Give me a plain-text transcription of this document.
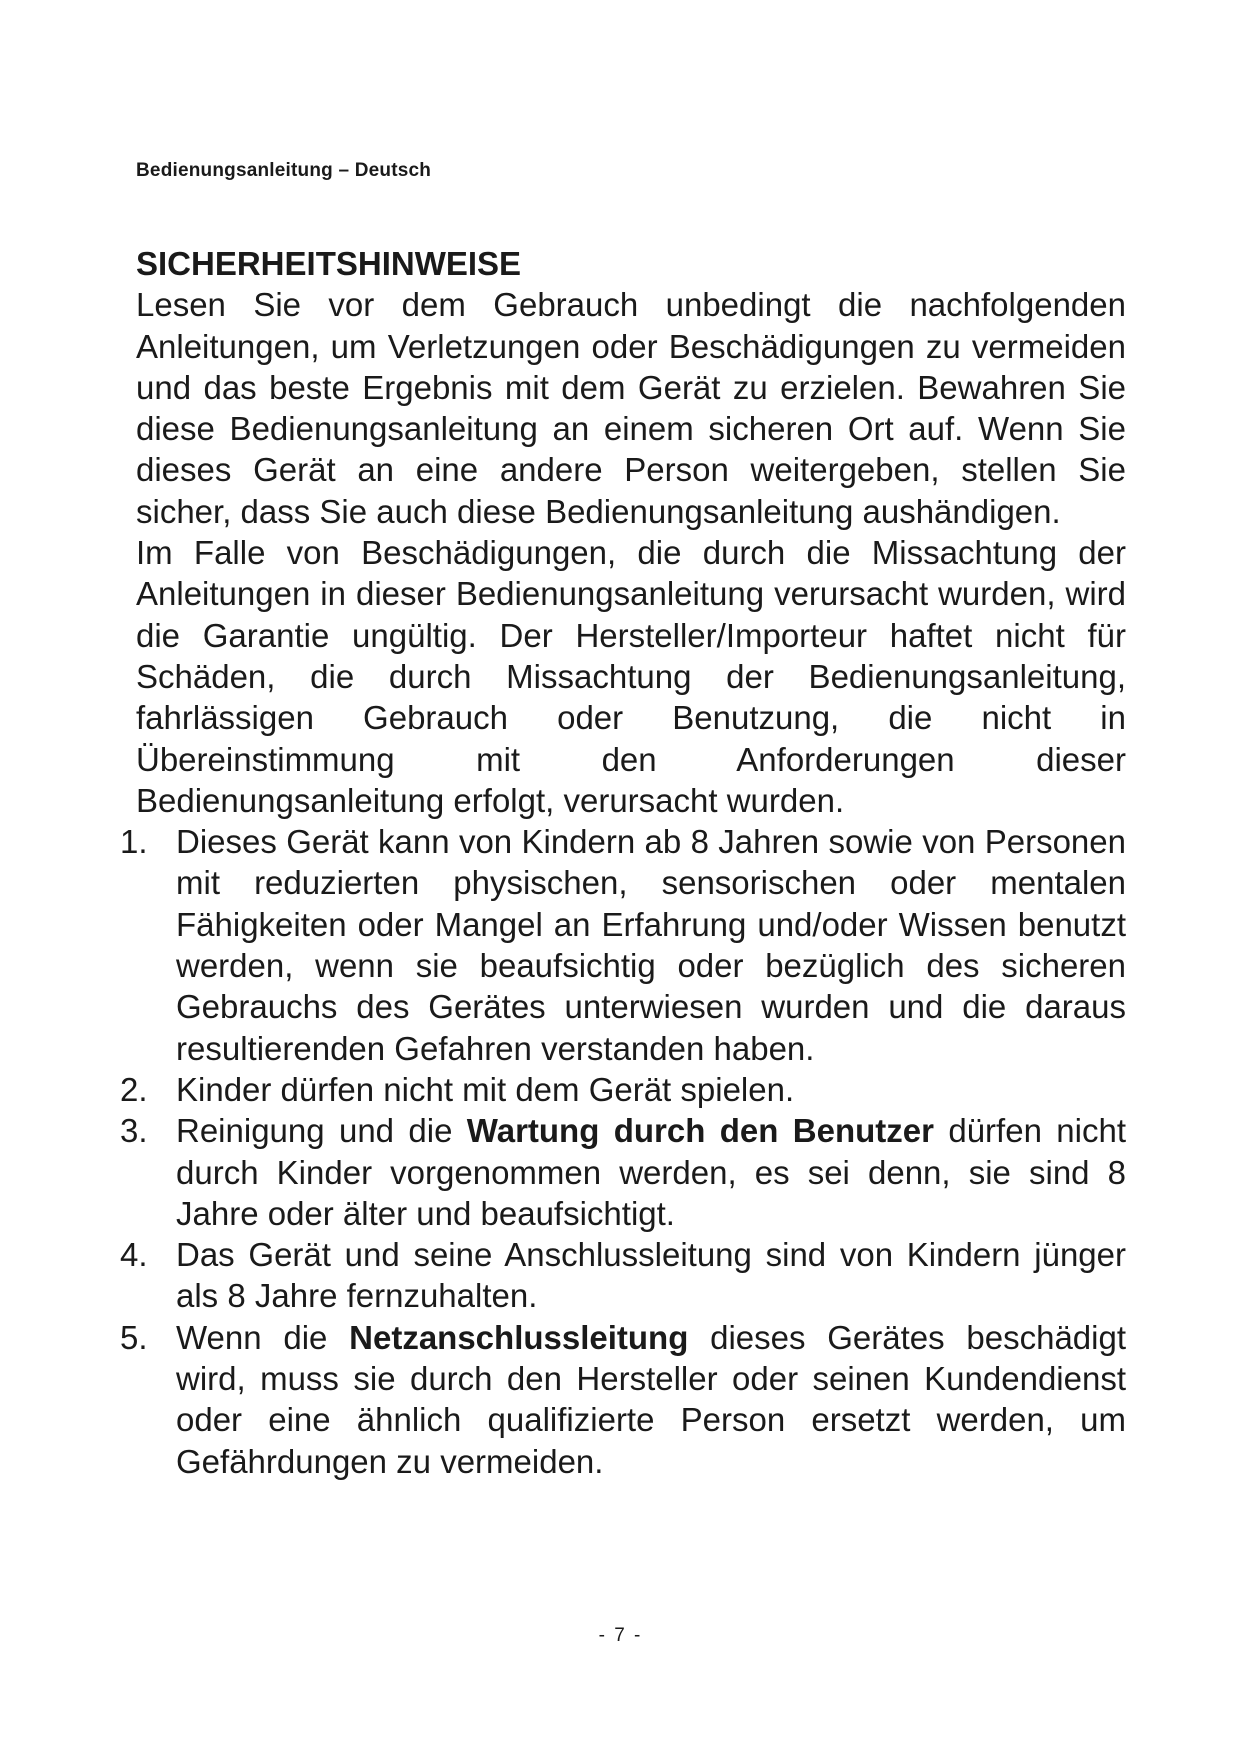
Bedienungsanleitung – Deutsch
SICHERHEITSHINWEISE

Lesen Sie vor dem Gebrauch unbedingt die nachfolgenden Anleitungen, um Verletzungen oder Beschädigungen zu vermeiden und das beste Ergebnis mit dem Gerät zu erzielen. Bewahren Sie diese Bedienungsanleitung an einem sicheren Ort auf. Wenn Sie dieses Gerät an eine andere Person weitergeben, stellen Sie sicher, dass Sie auch diese Bedienungsanleitung aushändigen.

Im Falle von Beschädigungen, die durch die Missachtung der Anleitungen in dieser Bedienungsanleitung verursacht wurden, wird die Garantie ungültig. Der Hersteller/Importeur haftet nicht für Schäden, die durch Missachtung der Bedienungsanleitung, fahrlässigen Gebrauch oder Benutzung, die nicht in Übereinstimmung mit den Anforderungen dieser Bedienungsanleitung erfolgt, verursacht wurden.

1. Dieses Gerät kann von Kindern ab 8 Jahren sowie von Personen mit reduzierten physischen, sensorischen oder mentalen Fähigkeiten oder Mangel an Erfahrung und/oder Wissen benutzt werden, wenn sie beaufsichtig oder bezüglich des sicheren Gebrauchs des Gerätes unterwiesen wurden und die daraus resultierenden Gefahren verstanden haben.
2. Kinder dürfen nicht mit dem Gerät spielen.
3. Reinigung und die Wartung durch den Benutzer dürfen nicht durch Kinder vorgenommen werden, es sei denn, sie sind 8 Jahre oder älter und beaufsichtigt.
4. Das Gerät und seine Anschlussleitung sind von Kindern jünger als 8 Jahre fernzuhalten.
5. Wenn die Netzanschlussleitung dieses Gerätes beschädigt wird, muss sie durch den Hersteller oder seinen Kundendienst oder eine ähnlich qualifizierte Person ersetzt werden, um Gefährdungen zu vermeiden.
- 7 -
